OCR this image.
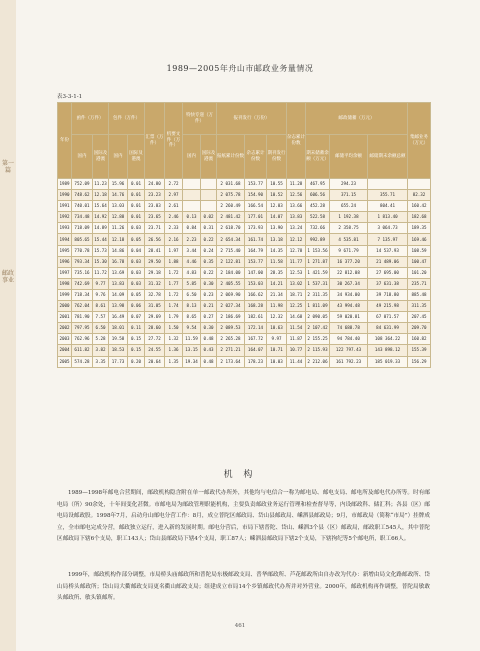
第一篇
邮政事业
1989—2005年舟山市邮政业务量情况
表3-3-1-1
年份	函件（万件）		包件（万件）		汇票（万件）	机要文件（万件）	特快专递（万件）		报刊发行（万份）			杂志累计份数	邮政储蓄（万元）			集邮业务（万元）
	国内	国际及港澳	国内	国际及港澳			国内	国际及港澳	报纸累计份数	杂志累计份数	期刊发行份数		期末储蓄余额（万元）	邮储平均余额	邮储期末余额总额	
1989	752.09	11.23	15.96	0.01	24.80	2.72			2 031.68	153.77	10.55	11.28	467.95	294.23		
1990	748.62	12.18	14.76	0.01	23.23	2.97			2 075.78	154.90	10.52	12.56	606.56	371.15	355.71	82.32
1991	740.01	15.64	13.03	0.01	23.03	2.61			2 260.49	166.54	12.03	13.66	452.28	655.24	804.41	160.42
1992	734.48	14.92	12.88	0.01	23.65	2.46	0.13	0.02	2 481.42	177.01	14.07	13.83	522.58	1 192.38	1 813.40	182.68
1993	718.09	14.89	11.26	0.03	23.71	2.33	0.84	0.31	2 618.70	173.93	13.90	13.24	732.66	2 358.75	3 064.73	189.35
1994	805.65	15.44	12.18	0.05	26.56	2.16	2.23	0.22	2 654.34	161.74	13.18	12.12	992.89	4 535.81	7 135.97	169.46
1995	770.78	15.73	14.86	0.04	28.41	1.97	3.44	0.24	2 715.40	164.79	14.35	12.78	1 153.56	9 671.79	14 537.93	108.59
1996	793.34	15.30	16.78	0.03	29.50	1.88	4.46	0.35	2 122.81	153.77	11.58	11.77	1 271.87	16 377.20	21 489.06	100.47
1997	735.16	11.72	13.69	0.03	29.18	1.72	4.83	0.22	2 184.00	147.00	28.35	12.53	1 421.59	22 812.08	27 695.00	101.20
1998	742.69	9.77	13.83	0.03	31.32	1.77	5.85	0.30	2 405.55	153.03	14.21	13.02	1 537.31	30 267.34	37 631.38	235.71
1999	718.34	9.76	14.09	0.05	32.78	1.72	6.50	0.23	2 069.90	166.62	21.34	18.71	2 311.35	34 934.00	39 718.80	885.48
2000	762.04	8.61	13.98	0.06	31.05	1.74	8.13	0.21	2 027.34	168.28	11.98	12.25	1 811.09	43 994.48	49 215.98	311.35
2001	781.90	7.57	16.49	0.07	29.69	1.79	8.65	0.27	2 186.69	182.61	12.32	14.68	2 090.05	59 020.81	67 071.57	207.45
2002	797.95	6.50	18.01	0.11	28.60	1.50	9.54	0.30	2 089.53	172.14	10.63	11.54	2 107.42	74 688.78	84 631.99	209.70
2003	762.96	5.28	19.58	0.15	27.72	1.32	11.59	0.48	2 265.28	167.72	9.97	11.87	2 155.25	94 784.40	108 364.22	160.82
2004	611.82	3.82	18.53	0.15	24.55	1.36	13.15	0.43	2 271.21	164.07	10.71	10.77	2 115.93	122 797.43	143 898.12	155.39
2005	574.28	3.35	17.73	0.20	20.64	1.35	19.34	0.48	2 173.64	178.23	10.03	11.44	2 212.06	161 792.23	185 019.33	156.29
机 构

1989—1998年邮电合营期间，邮政机构隐含附在单一邮政代办所外，其他均与电信合一称为邮电局、邮电支局、邮电所及邮电代办所等。时有邮电局（所）90余处，十年间变化甚微。市邮电局为邮政管理职能机构，主要负责邮政业务运行管理和检查督导等，内设邮政科、储汇科；各县（区）邮电局设邮政股。1998年7月，启动舟山邮电分营工作：8月，成立普陀区邮政局、岱山县邮政局、嵊泗县邮政局；9月，市邮政局（简称“市局”）挂牌成立，全市邮电完成分营，邮政独立运行，进入新的发展时期。邮电分营后，市局下辖普陀、岱山、嵊泗3个县（区）邮政局，邮政职工545人，其中普陀区邮政局下辖6个支局，职工143人；岱山县邮政局下辖4个支局，职工87人；嵊泗县邮政局下辖2个支局，下辖拘纪等5个邮电所，职工66人。

1999年，邮政机构作部分调整，市局桥头庙邮政所和普陀局东极邮政支局、普华邮政所、芦花邮政所由自办改为代办：新增由局文化路邮政所、岱山局桥头邮政所；岱山局大衢邮政支局更名衢山邮政支局；组建成立市局14个乡镇邮政代办所并对外营业。2000年，邮政机构再作调整，普陀局敏敢头邮政所、敏头镇邮所。

461
